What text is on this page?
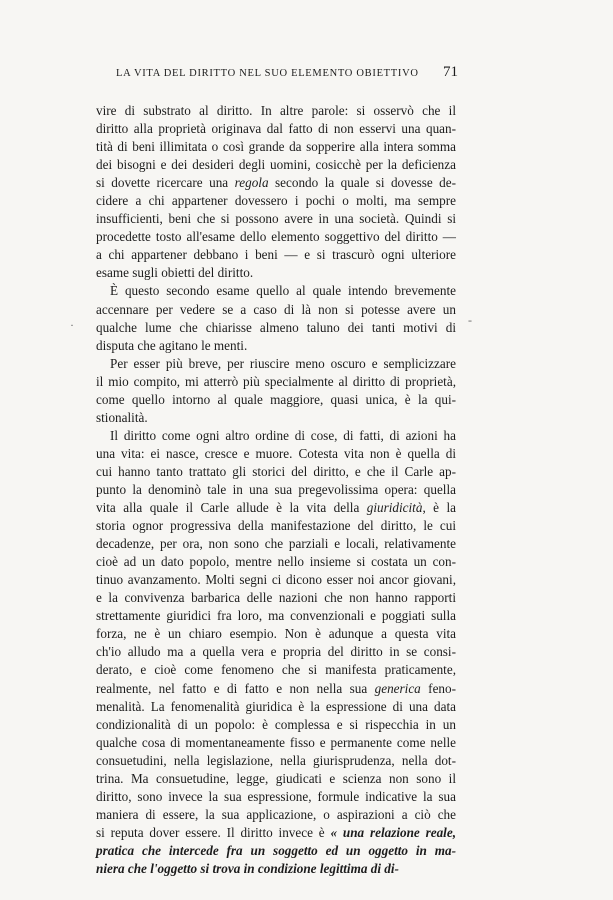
LA VITA DEL DIRITTO NEL SUO ELEMENTO OBIETTIVO 71

vire di substrato al diritto. In altre parole: si osservò che il
diritto alla proprietà originava dal fatto di non esservi una quan-
tità di beni illimitata o così grande da sopperire alla intera somma
dei bisogni e dei desideri degli uomini, cosicchè per la deficienza
si dovette ricercare una regola secondo la quale si dovesse de-
cidere a chi appartener dovessero i pochi o molti, ma sempre
insufficienti, beni che si possono avere in una società. Quindi si
procedette tosto all'esame dello elemento soggettivo del diritto —
a chi appartener debbano i beni — e si trascurò ogni ulteriore
esame sugli obietti del diritto.

È questo secondo esame quello al quale intendo brevemente
accennare per vedere se a caso di là non si potesse avere un
qualche lume che chiarisse almeno taluno dei tanti motivi di
disputa che agitano le menti.

Per esser più breve, per riuscire meno oscuro e semplicizzare
il mio compito, mi atterrò più specialmente al diritto di proprietà,
come quello intorno al quale maggiore, quasi unica, è la qui-
stionalità.

Il diritto come ogni altro ordine di cose, di fatti, di azioni ha
una vita: ei nasce, cresce e muore. Cotesta vita non è quella di
cui hanno tanto trattato gli storici del diritto, e che il Carle ap-
punto la denominò tale in una sua pregevolissima opera: quella
vita alla quale il Carle allude è la vita della giuridicità, è la
storia ognor progressiva della manifestazione del diritto, le cui
decadenze, per ora, non sono che parziali e locali, relativamente
cioè ad un dato popolo, mentre nello insieme si costata un con-
tinuo avanzamento. Molti segni ci dicono esser noi ancor giovani,
e la convivenza barbarica delle nazioni che non hanno rapporti
strettamente giuridici fra loro, ma convenzionali e poggiati sulla
forza, ne è un chiaro esempio. Non è adunque a questa vita
ch'io alludo ma a quella vera e propria del diritto in se consi-
derato, e cioè come fenomeno che si manifesta praticamente,
realmente, nel fatto e di fatto e non nella sua generica feno-
menalità. La fenomenalità giuridica è la espressione di una data
condizionalità di un popolo: è complessa e si rispecchia in un
qualche cosa di momentaneamente fisso e permanente come nelle
consuetudini, nella legislazione, nella giurisprudenza, nella dot-
trina. Ma consuetudine, legge, giudicati e scienza non sono il
diritto, sono invece la sua espressione, formule indicative la sua
maniera di essere, la sua applicazione, o aspirazioni a ciò che
si reputa dover essere. Il diritto invece è « una relazione reale,
pratica che intercede fra un soggetto ed un oggetto in ma-
niera che l'oggetto si trova in condizione legittima di di-

·	-
